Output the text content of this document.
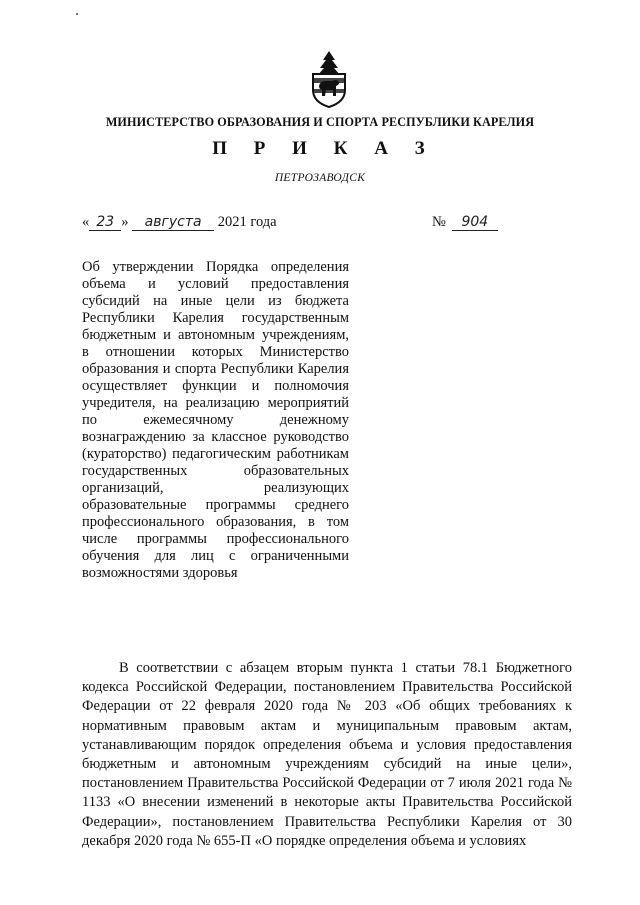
МИНИСТЕРСТВО ОБРАЗОВАНИЯ И СПОРТА РЕСПУБЛИКИ КАРЕЛИЯ
П Р И К А З
ПЕТРОЗАВОДСК
« 23 » августа 2021 года	№ 904

Об утверждении Порядка определения объема и условий предоставления субсидий на иные цели из бюджета Республики Карелия государственным бюджетным и автономным учреждениям, в отношении которых Министерство образования и спорта Республики Карелия осуществляет функции и полномочия учредителя, на реализацию мероприятий по ежемесячному денежному вознаграждению за классное руководство (кураторство) педагогическим работникам государственных образовательных организаций, реализующих образовательные программы среднего профессионального образования, в том числе программы профессионального обучения для лиц с ограниченными возможностями здоровья

В соответствии с абзацем вторым пункта 1 статьи 78.1 Бюджетного кодекса Российской Федерации, постановлением Правительства Российской Федерации от 22 февраля 2020 года № 203 «Об общих требованиях к нормативным правовым актам и муниципальным правовым актам, устанавливающим порядок определения объема и условия предоставления бюджетным и автономным учреждениям субсидий на иные цели», постановлением Правительства Российской Федерации от 7 июля 2021 года № 1133 «О внесении изменений в некоторые акты Правительства Российской Федерации», постановлением Правительства Республики Карелия от 30 декабря 2020 года № 655-П «О порядке определения объема и условиях
